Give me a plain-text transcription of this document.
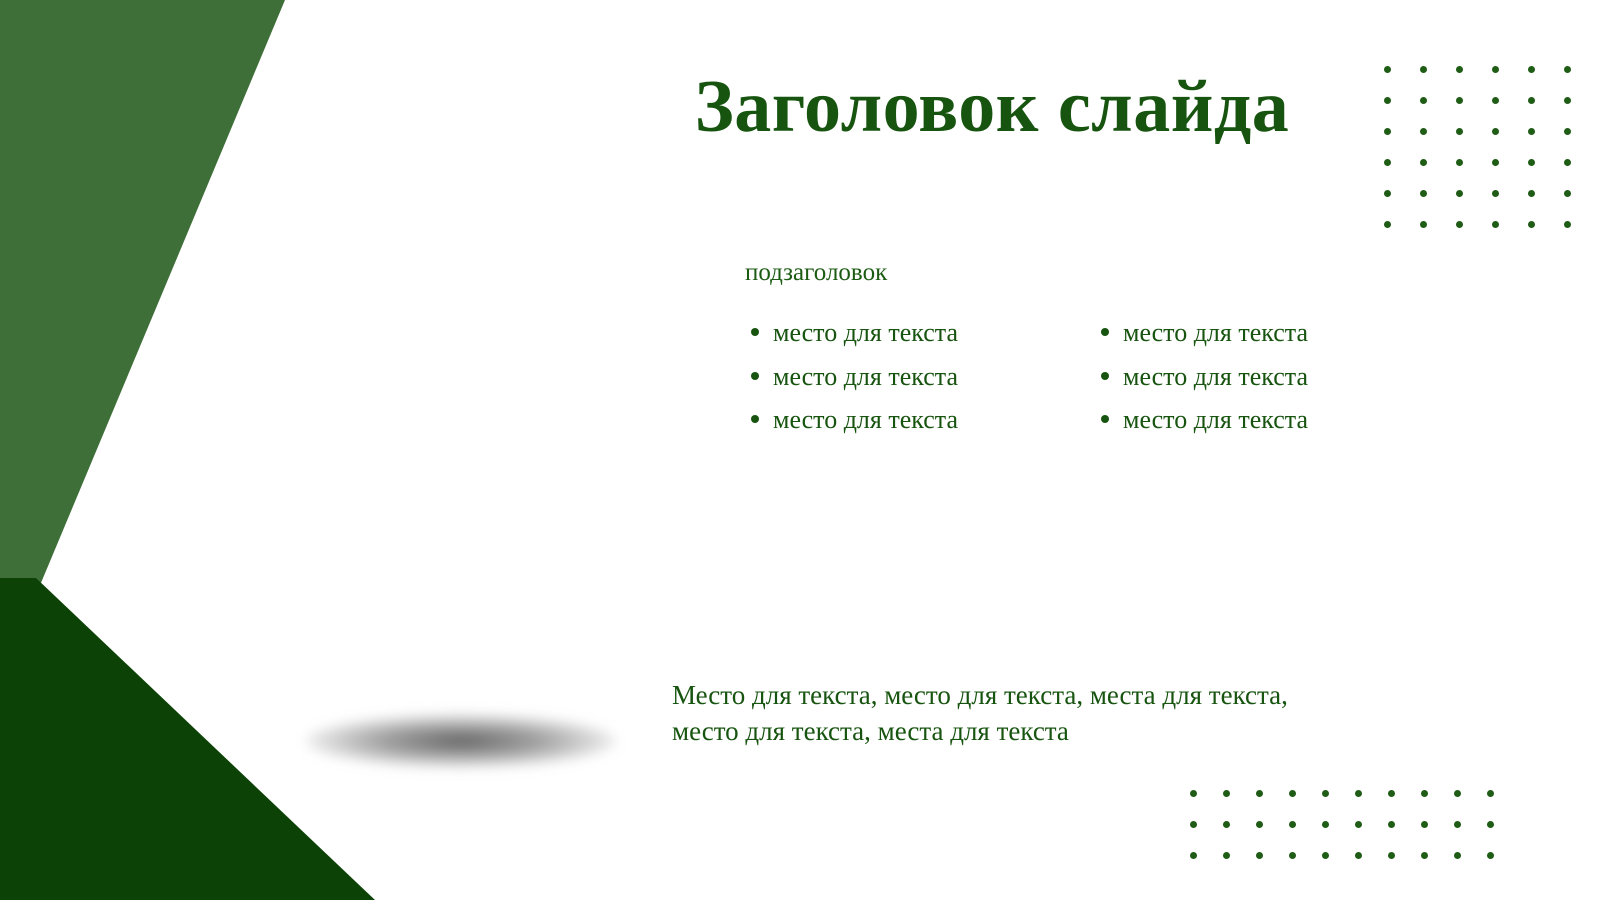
Заголовок слайда
подзаголовок
место для текста
место для текста
место для текста
место для текста
место для текста
место для текста
Место для текста, место для текста, места для текста, место для текста, места для текста
